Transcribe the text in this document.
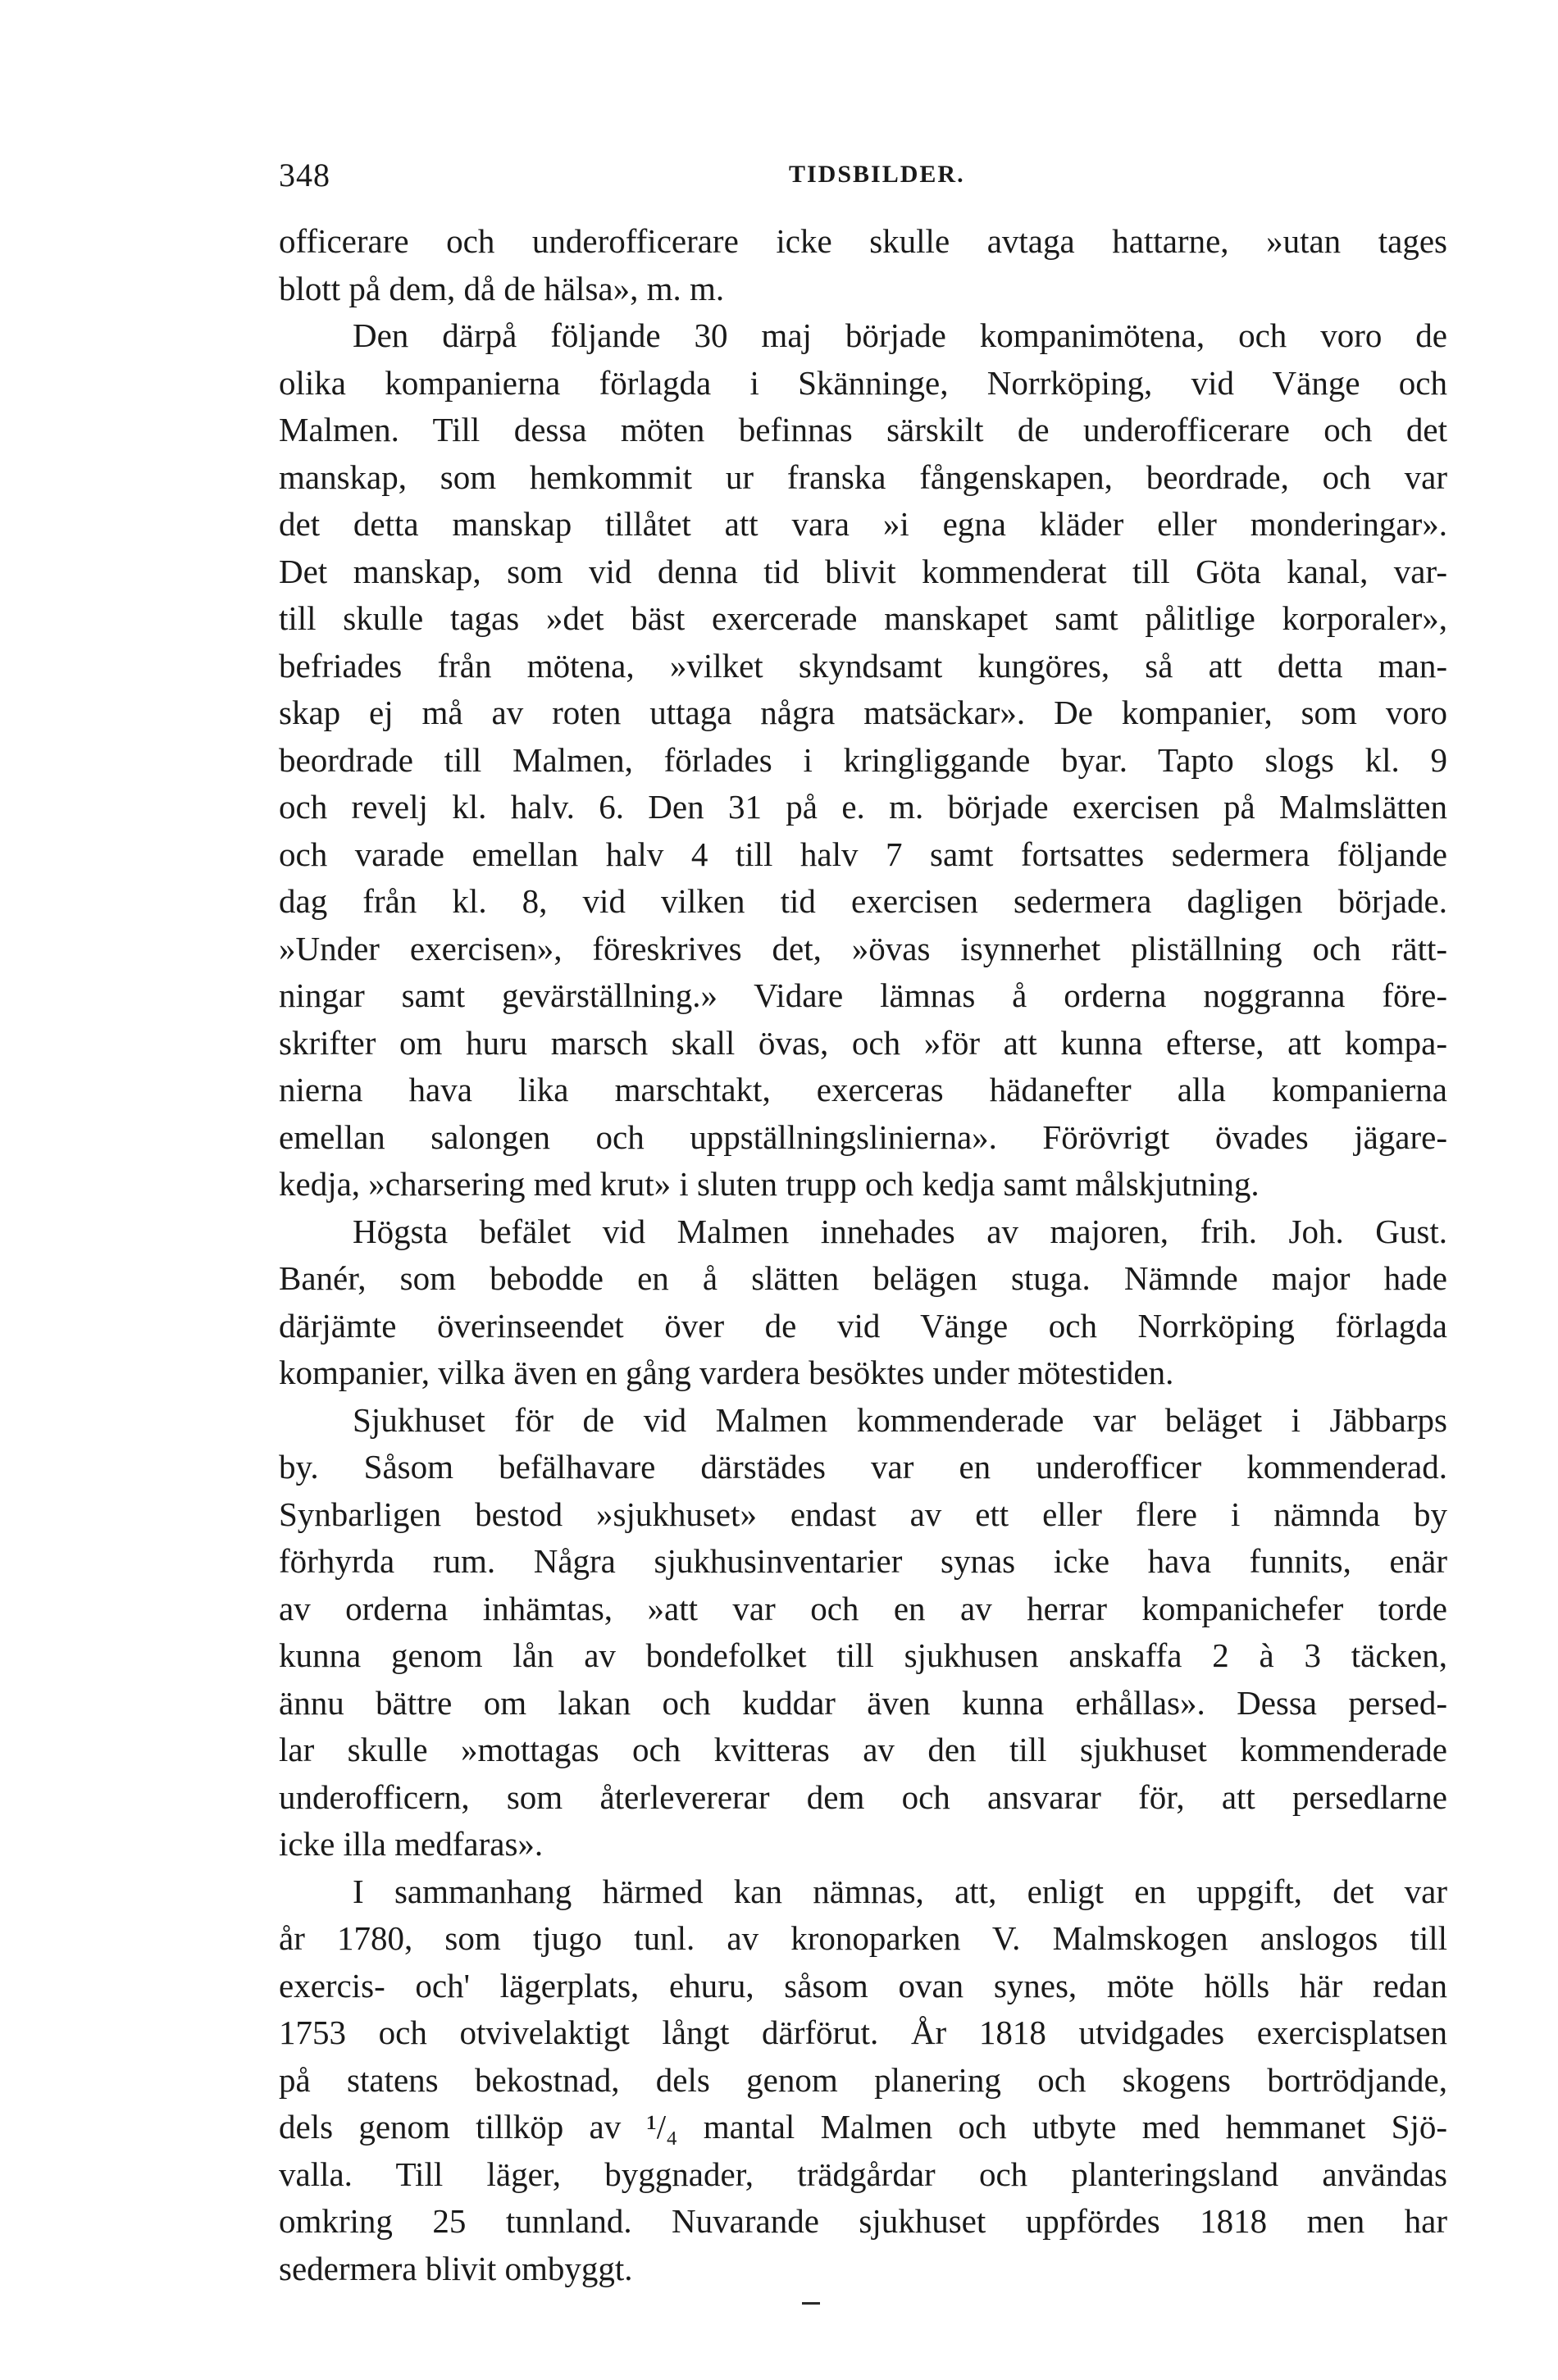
348	TIDSBILDER.
officerare och underofficerare icke skulle avtaga hattarne, »utan tages
blott på dem, då de hälsa», m. m.
Den därpå följande 30 maj började kompanimötena, och voro de
olika kompanierna förlagda i Skänninge, Norrköping, vid Vänge och
Malmen. Till dessa möten befinnas särskilt de underofficerare och det
manskap, som hemkommit ur franska fångenskapen, beordrade, och var
det detta manskap tillåtet att vara »i egna kläder eller monderingar».
Det manskap, som vid denna tid blivit kommenderat till Göta kanal, var-
till skulle tagas »det bäst exercerade manskapet samt pålitlige korporaler»,
befriades från mötena, »vilket skyndsamt kungöres, så att detta man-
skap ej må av roten uttaga några matsäckar». De kompanier, som voro
beordrade till Malmen, förlades i kringliggande byar. Tapto slogs kl. 9
och revelj kl. halv. 6. Den 31 på e. m. började exercisen på Malmslätten
och varade emellan halv 4 till halv 7 samt fortsattes sedermera följande
dag från kl. 8, vid vilken tid exercisen sedermera dagligen började.
»Under exercisen», föreskrives det, »övas isynnerhet pliställning och rätt-
ningar samt gevärställning.» Vidare lämnas å orderna noggranna före-
skrifter om huru marsch skall övas, och »för att kunna efterse, att kompa-
nierna hava lika marschtakt, exerceras hädanefter alla kompanierna
emellan salongen och uppställningslinierna». Förövrigt övades jägare-
kedja, »charsering med krut» i sluten trupp och kedja samt målskjutning.
Högsta befälet vid Malmen innehades av majoren, frih. Joh. Gust.
Banér, som bebodde en å slätten belägen stuga. Nämnde major hade
därjämte överinseendet över de vid Vänge och Norrköping förlagda
kompanier, vilka även en gång vardera besöktes under mötestiden.
Sjukhuset för de vid Malmen kommenderade var beläget i Jäbbarps
by. Såsom befälhavare därstädes var en underofficer kommenderad.
Synbarligen bestod »sjukhuset» endast av ett eller flere i nämnda by
förhyrda rum. Några sjukhusinventarier synas icke hava funnits, enär
av orderna inhämtas, »att var och en av herrar kompanichefer torde
kunna genom lån av bondefolket till sjukhusen anskaffa 2 à 3 täcken,
ännu bättre om lakan och kuddar även kunna erhållas». Dessa persed-
lar skulle »mottagas och kvitteras av den till sjukhuset kommenderade
underofficern, som återlevererar dem och ansvarar för, att persedlarne
icke illa medfaras».
I sammanhang härmed kan nämnas, att, enligt en uppgift, det var
år 1780, som tjugo tunl. av kronoparken V. Malmskogen anslogos till
exercis- och' lägerplats, ehuru, såsom ovan synes, möte hölls här redan
1753 och otvivelaktigt långt därförut. År 1818 utvidgades exercisplatsen
på statens bekostnad, dels genom planering och skogens bortrödjande,
dels genom tillköp av ¹/₄ mantal Malmen och utbyte med hemmanet Sjö-
valla. Till läger, byggnader, trädgårdar och planteringsland användas
omkring 25 tunnland. Nuvarande sjukhuset uppfördes 1818 men har
sedermera blivit ombyggt.
